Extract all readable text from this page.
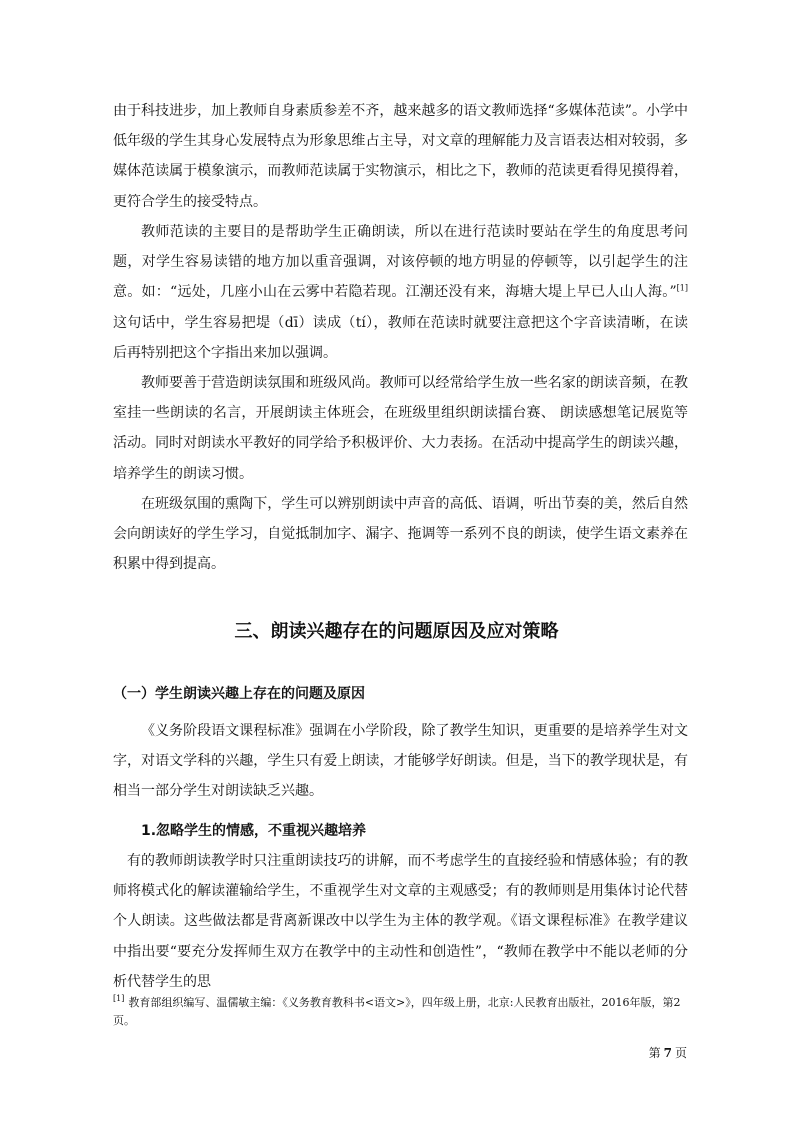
由于科技进步，加上教师自身素质参差不齐，越来越多的语文教师选择“多媒体范读”。小学中低年级的学生其身心发展特点为形象思维占主导，对文章的理解能力及言语表达相对较弱，多媒体范读属于模象演示，而教师范读属于实物演示，相比之下，教师的范读更看得见摸得着，更符合学生的接受特点。

教师范读的主要目的是帮助学生正确朗读，所以在进行范读时要站在学生的角度思考问题，对学生容易读错的地方加以重音强调，对该停顿的地方明显的停顿等，以引起学生的注意。如：“远处，几座小山在云雾中若隐若现。江潮还没有来，海塘大堤上早已人山人海。”[1]这句话中，学生容易把堤（dī）读成（tí），教师在范读时就要注意把这个字音读清晰，在读后再特别把这个字指出来加以强调。

教师要善于营造朗读氛围和班级风尚。教师可以经常给学生放一些名家的朗读音频，在教室挂一些朗读的名言，开展朗读主体班会，在班级里组织朗读擂台赛、 朗读感想笔记展览等活动。同时对朗读水平教好的同学给予积极评价、大力表扬。在活动中提高学生的朗读兴趣，培养学生的朗读习惯。

在班级氛围的熏陶下，学生可以辨别朗读中声音的高低、语调，听出节奏的美，然后自然会向朗读好的学生学习，自觉抵制加字、漏字、拖调等一系列不良的朗读，使学生语文素养在积累中得到提高。

三、朗读兴趣存在的问题原因及应对策略
（一）学生朗读兴趣上存在的问题及原因

《义务阶段语文课程标准》强调在小学阶段，除了教学生知识，更重要的是培养学生对文字，对语文学科的兴趣，学生只有爱上朗读，才能够学好朗读。但是，当下的教学现状是，有相当一部分学生对朗读缺乏兴趣。

1.忽略学生的情感，不重视兴趣培养

有的教师朗读教学时只注重朗读技巧的讲解，而不考虑学生的直接经验和情感体验；有的教师将模式化的解读灌输给学生，不重视学生对文章的主观感受；有的教师则是用集体讨论代替个人朗读。这些做法都是背离新课改中以学生为主体的教学观。《语文课程标准》在教学建议中指出要“要充分发挥师生双方在教学中的主动性和创造性”，“教师在教学中不能以老师的分析代替学生的思

[1] 教育部组织编写、温儒敏主编：《义务教育教科书<语文>》，四年级上册，北京:人民教育出版社，2016年版，第2页。

第 7 页
